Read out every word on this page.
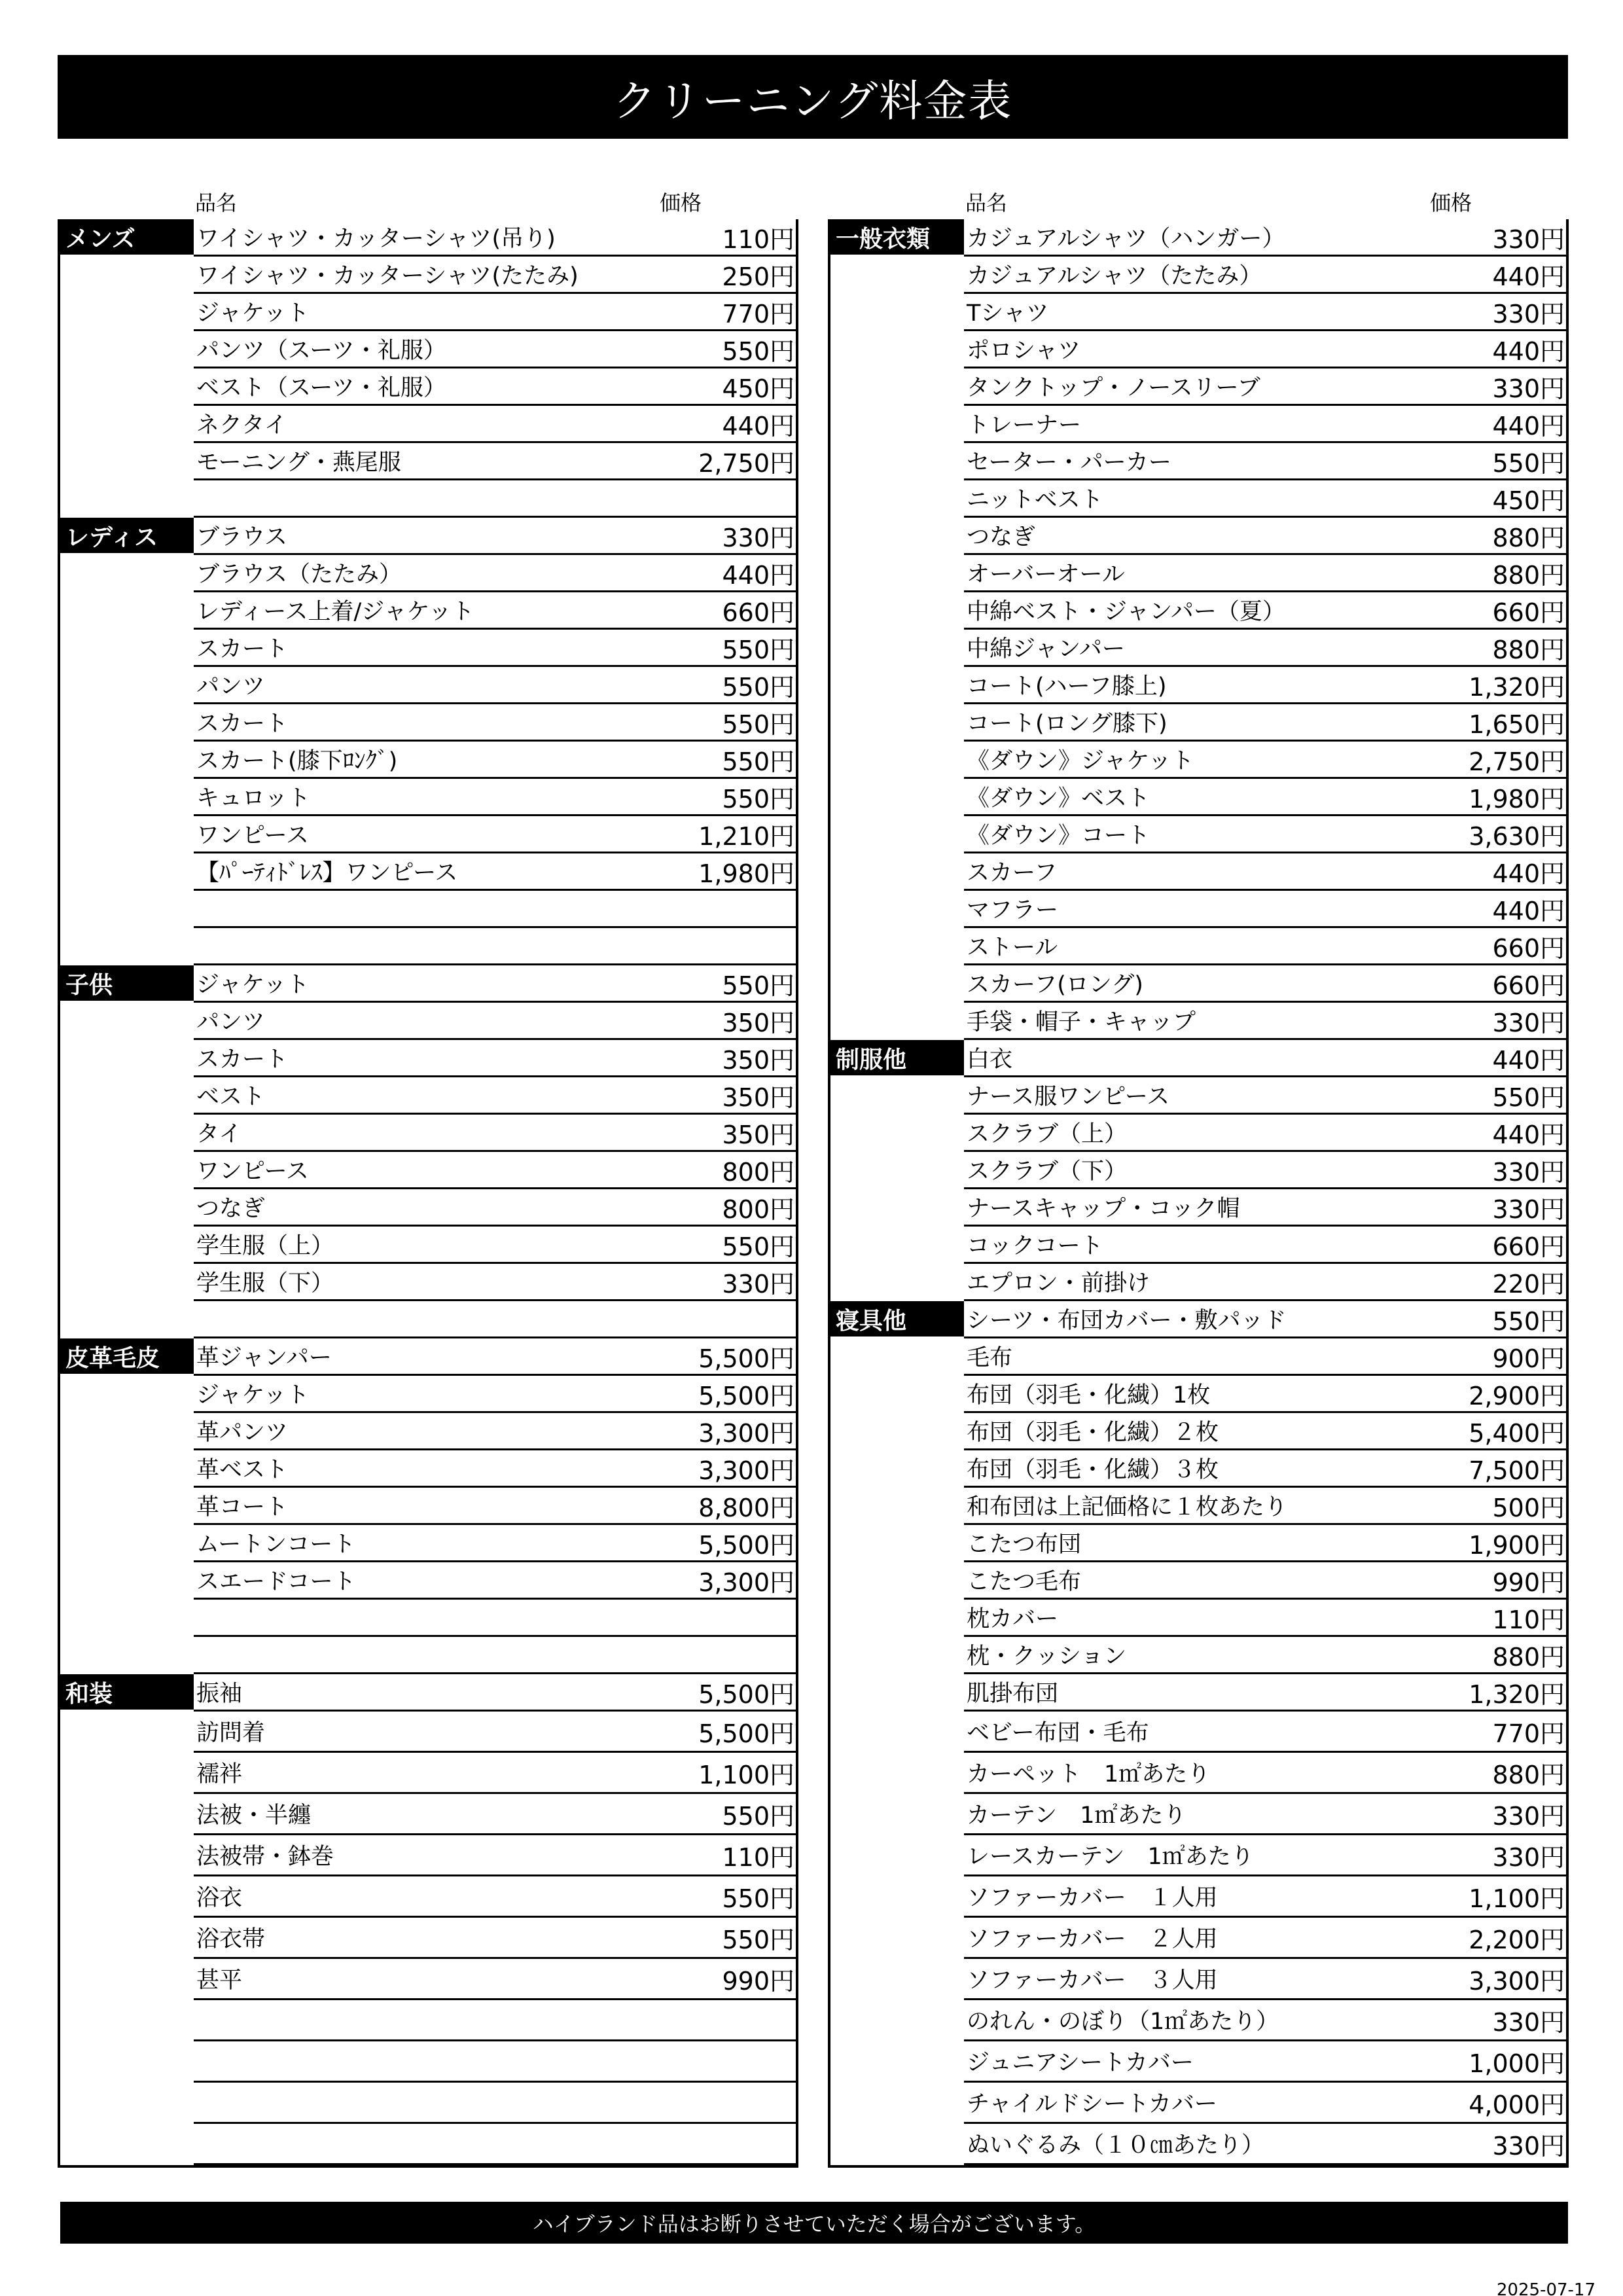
クリーニング料金表
品名	価格	品名	価格
メンズ	ワイシャツ・カッターシャツ(吊り)	110円
ワイシャツ・カッターシャツ(たたみ)	250円
ジャケット	770円
パンツ（スーツ・礼服）	550円
ベスト（スーツ・礼服）	450円
ネクタイ	440円
モーニング・燕尾服	2,750円
レディス	ブラウス	330円
ブラウス（たたみ）	440円
レディース上着/ジャケット	660円
スカート	550円
パンツ	550円
スカート	550円
スカート(膝下ﾛﾝｸﾞ)	550円
キュロット	550円
ワンピース	1,210円
【ﾊﾟｰﾃｨﾄﾞﾚｽ】ワンピース	1,980円
子供	ジャケット	550円
パンツ	350円
スカート	350円
ベスト	350円
タイ	350円
ワンピース	800円
つなぎ	800円
学生服（上）	550円
学生服（下）	330円
皮革毛皮	革ジャンパー	5,500円
ジャケット	5,500円
革パンツ	3,300円
革ベスト	3,300円
革コート	8,800円
ムートンコート	5,500円
スエードコート	3,300円
和装	振袖	5,500円
訪問着	5,500円
襦袢	1,100円
法被・半纏	550円
法被帯・鉢巻	110円
浴衣	550円
浴衣帯	550円
甚平	990円
一般衣類	カジュアルシャツ（ハンガー）	330円
カジュアルシャツ（たたみ）	440円
Tシャツ	330円
ポロシャツ	440円
タンクトップ・ノースリーブ	330円
トレーナー	440円
セーター・パーカー	550円
ニットベスト	450円
つなぎ	880円
オーバーオール	880円
中綿ベスト・ジャンパー（夏）	660円
中綿ジャンパー	880円
コート(ハーフ膝上)	1,320円
コート(ロング膝下)	1,650円
《ダウン》ジャケット	2,750円
《ダウン》ベスト	1,980円
《ダウン》コート	3,630円
スカーフ	440円
マフラー	440円
ストール	660円
スカーフ(ロング)	660円
手袋・帽子・キャップ	330円
制服他	白衣	440円
ナース服ワンピース	550円
スクラブ（上）	440円
スクラブ（下）	330円
ナースキャップ・コック帽	330円
コックコート	660円
エプロン・前掛け	220円
寝具他	シーツ・布団カバー・敷パッド	550円
毛布	900円
布団（羽毛・化繊）1枚	2,900円
布団（羽毛・化繊）２枚	5,400円
布団（羽毛・化繊）３枚	7,500円
和布団は上記価格に１枚あたり	500円
こたつ布団	1,900円
こたつ毛布	990円
枕カバー	110円
枕・クッション	880円
肌掛布団	1,320円
ベビー布団・毛布	770円
カーペット　1㎡あたり	880円
カーテン　1㎡あたり	330円
レースカーテン　1㎡あたり	330円
ソファーカバー　１人用	1,100円
ソファーカバー　２人用	2,200円
ソファーカバー　３人用	3,300円
のれん・のぼり（1㎡あたり）	330円
ジュニアシートカバー	1,000円
チャイルドシートカバー	4,000円
ぬいぐるみ（１０㎝あたり）	330円
ハイブランド品はお断りさせていただく場合がございます。
2025-07-17
